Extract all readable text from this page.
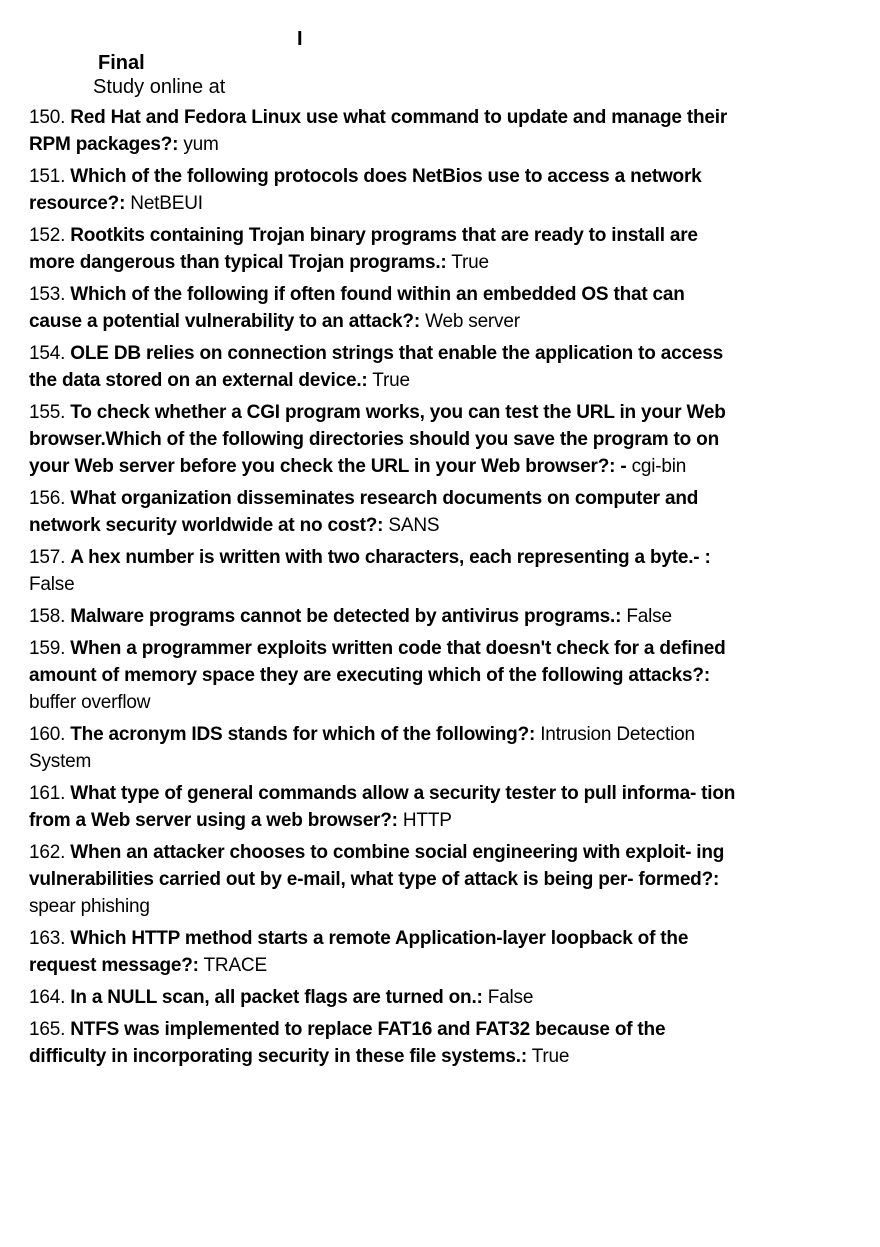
I
Final
Study online at
150. Red Hat and Fedora Linux use what command to update and manage their RPM packages?: yum
151. Which of the following protocols does NetBios use to access a network resource?: NetBEUI
152. Rootkits containing Trojan binary programs that are ready to install are more dangerous than typical Trojan programs.: True
153. Which of the following if often found within an embedded OS that can cause a potential vulnerability to an attack?: Web server
154. OLE DB relies on connection strings that enable the application to access the data stored on an external device.: True
155. To check whether a CGI program works, you can test the URL in your Web browser.Which of the following directories should you save the program to on your Web server before you check the URL in your Web browser?: - cgi-bin
156. What organization disseminates research documents on computer and network security worldwide at no cost?: SANS
157. A hex number is written with two characters, each representing a byte.- : False
158. Malware programs cannot be detected by antivirus programs.: False
159. When a programmer exploits written code that doesn't check for a defined amount of memory space they are executing which of the following attacks?: buffer overflow
160. The acronym IDS stands for which of the following?: Intrusion Detection System
161. What type of general commands allow a security tester to pull informa- tion from a Web server using a web browser?: HTTP
162. When an attacker chooses to combine social engineering with exploit- ing vulnerabilities carried out by e-mail, what type of attack is being per- formed?: spear phishing
163. Which HTTP method starts a remote Application-layer loopback of the request message?: TRACE
164. In a NULL scan, all packet flags are turned on.: False
165. NTFS was implemented to replace FAT16 and FAT32 because of the difficulty in incorporating security in these file systems.: True
